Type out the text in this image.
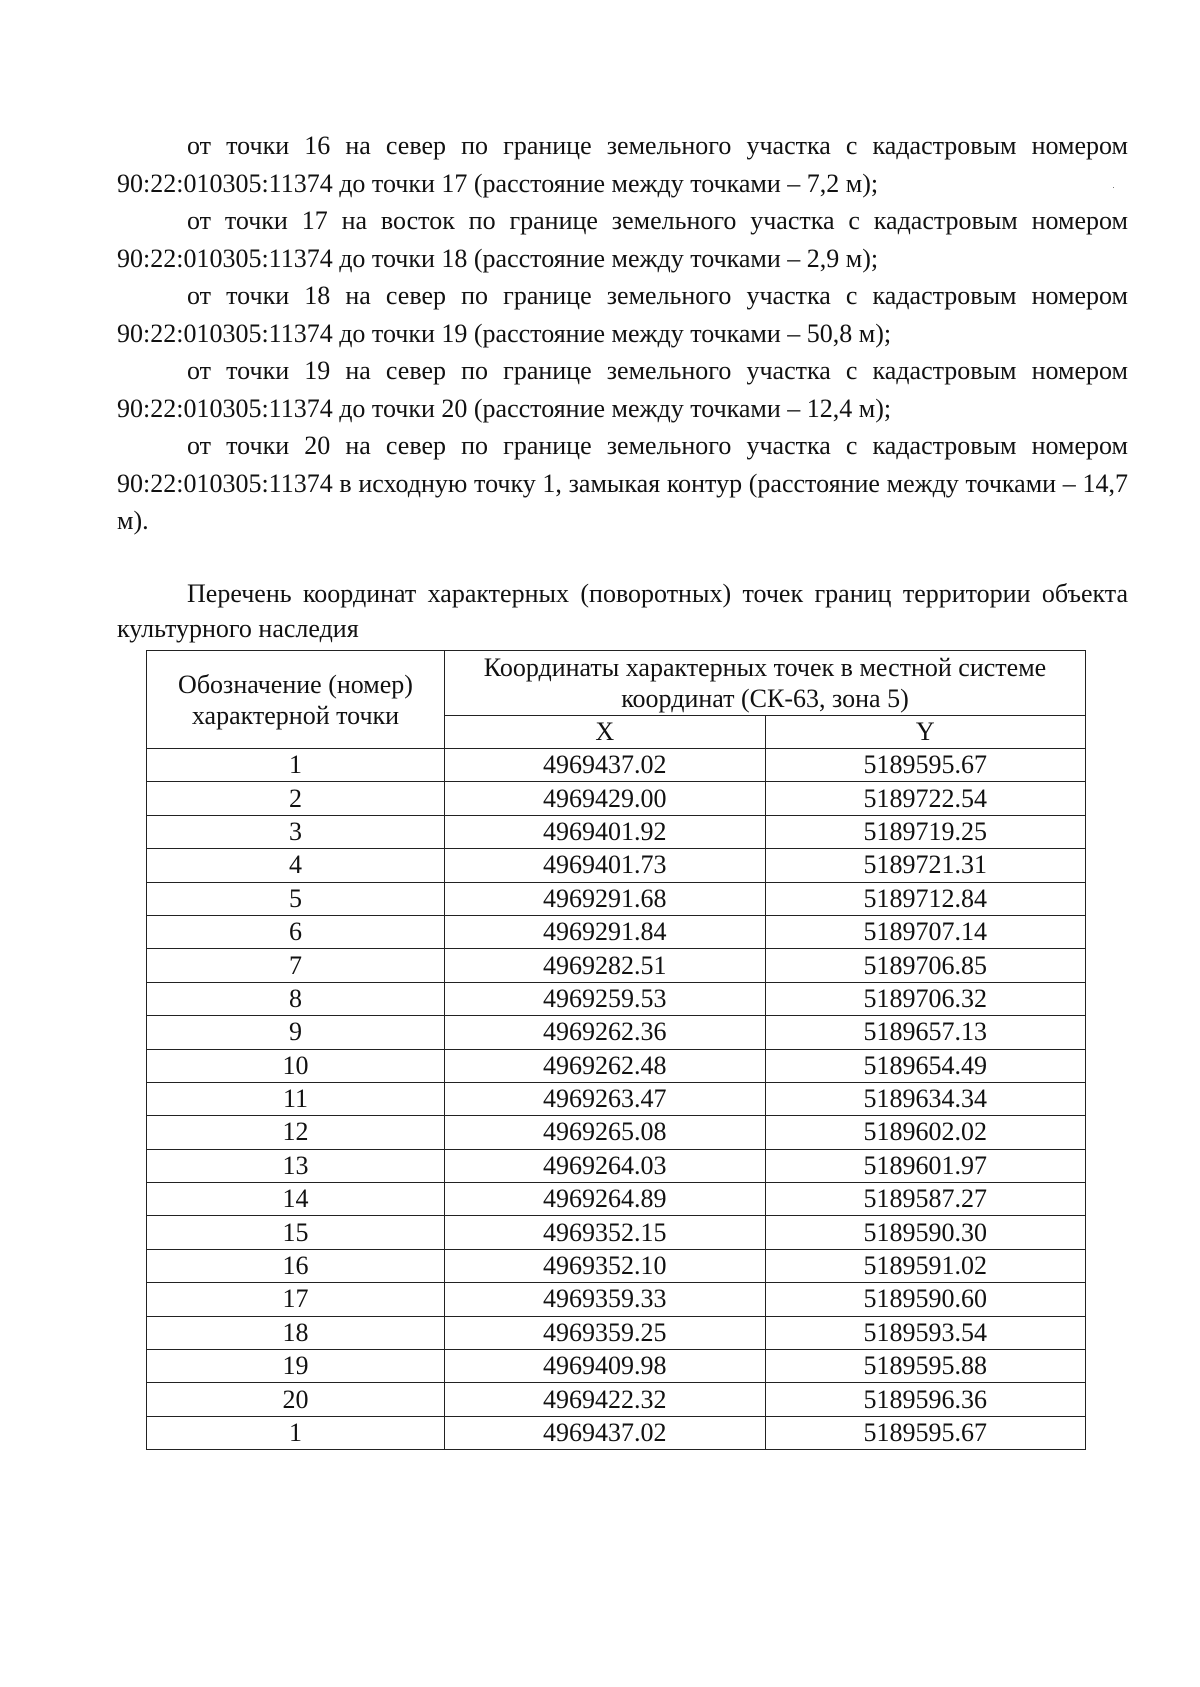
от точки 16 на север по границе земельного участка с кадастровым номером 90:22:010305:11374 до точки 17 (расстояние между точками – 7,2 м);

от точки 17 на восток по границе земельного участка с кадастровым номером 90:22:010305:11374 до точки 18 (расстояние между точками – 2,9 м);

от точки 18 на север по границе земельного участка с кадастровым номером 90:22:010305:11374 до точки 19 (расстояние между точками – 50,8 м);

от точки 19 на север по границе земельного участка с кадастровым номером 90:22:010305:11374 до точки 20 (расстояние между точками – 12,4 м);

от точки 20 на север по границе земельного участка с кадастровым номером 90:22:010305:11374 в исходную точку 1, замыкая контур (расстояние между точками – 14,7 м).

Перечень координат характерных (поворотных) точек границ территории объекта культурного наследия

Обозначение (номер) характерной точки	Координаты характерных точек в местной системе координат (СК-63, зона 5)	
	X	Y
1	4969437.02	5189595.67
2	4969429.00	5189722.54
3	4969401.92	5189719.25
4	4969401.73	5189721.31
5	4969291.68	5189712.84
6	4969291.84	5189707.14
7	4969282.51	5189706.85
8	4969259.53	5189706.32
9	4969262.36	5189657.13
10	4969262.48	5189654.49
11	4969263.47	5189634.34
12	4969265.08	5189602.02
13	4969264.03	5189601.97
14	4969264.89	5189587.27
15	4969352.15	5189590.30
16	4969352.10	5189591.02
17	4969359.33	5189590.60
18	4969359.25	5189593.54
19	4969409.98	5189595.88
20	4969422.32	5189596.36
1	4969437.02	5189595.67
